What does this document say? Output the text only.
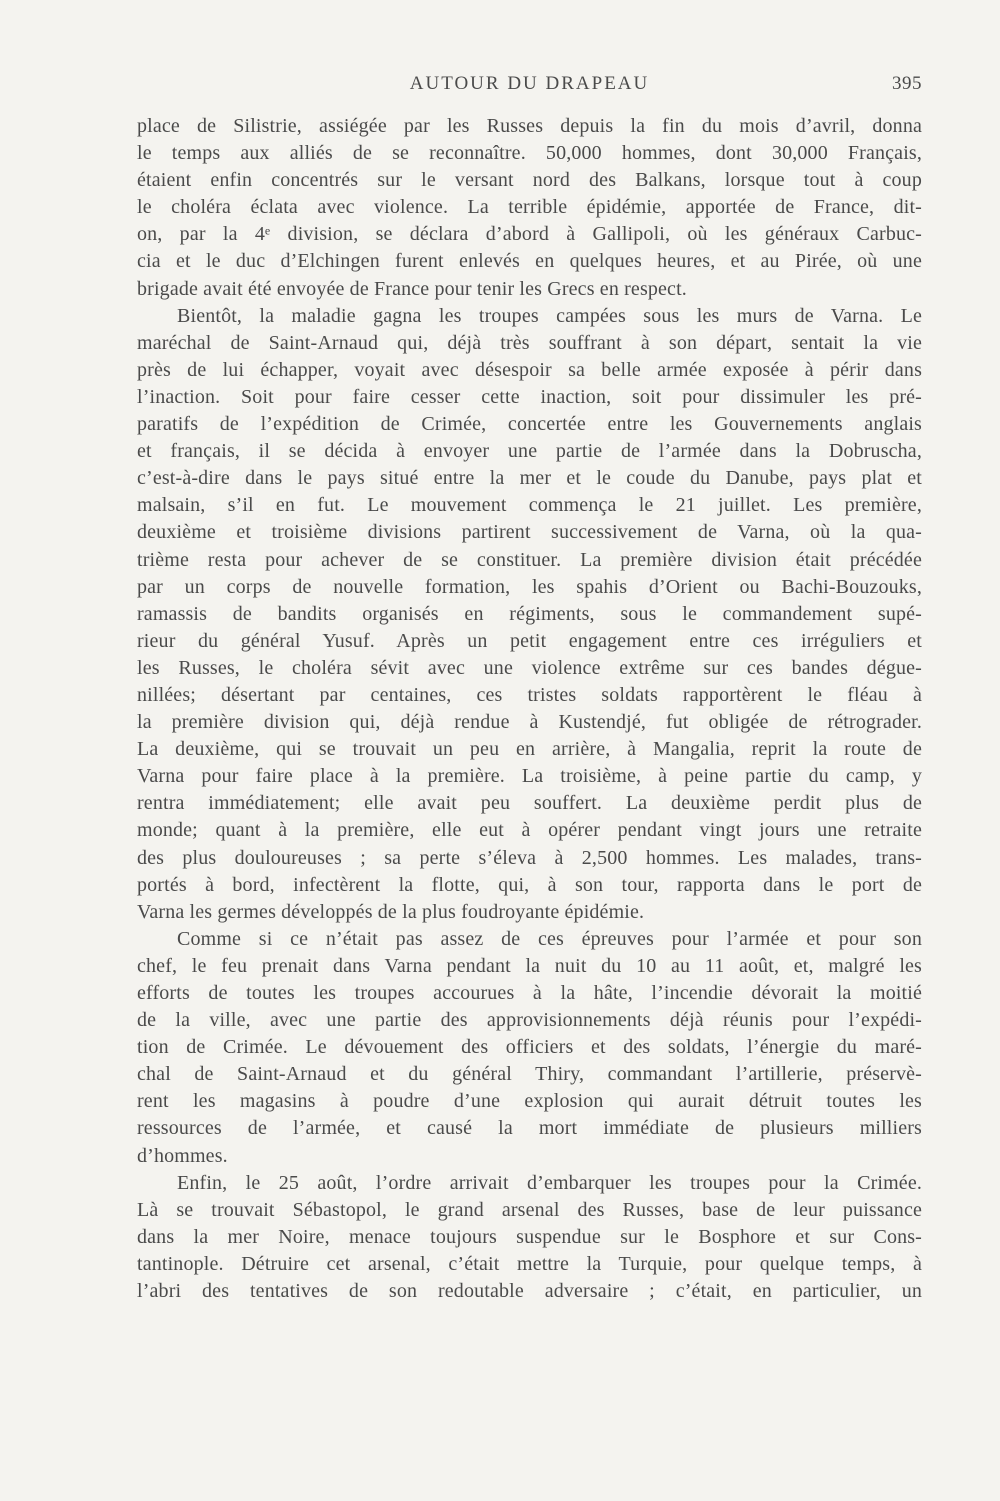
AUTOUR DU DRAPEAU	395
place de Silistrie, assiégée par les Russes depuis la fin du mois d’avril, donna
le temps aux alliés de se reconnaître. 50,000 hommes, dont 30,000 Français,
étaient enfin concentrés sur le versant nord des Balkans, lorsque tout à coup
le choléra éclata avec violence. La terrible épidémie, apportée de France, dit-
on, par la 4ᵉ division, se déclara d’abord à Gallipoli, où les généraux Carbuc-
cia et le duc d’Elchingen furent enlevés en quelques heures, et au Pirée, où une
brigade avait été envoyée de France pour tenir les Grecs en respect.
Bientôt, la maladie gagna les troupes campées sous les murs de Varna. Le
maréchal de Saint-Arnaud qui, déjà très souffrant à son départ, sentait la vie
près de lui échapper, voyait avec désespoir sa belle armée exposée à périr dans
l’inaction. Soit pour faire cesser cette inaction, soit pour dissimuler les pré-
paratifs de l’expédition de Crimée, concertée entre les Gouvernements anglais
et français, il se décida à envoyer une partie de l’armée dans la Dobruscha,
c’est-à-dire dans le pays situé entre la mer et le coude du Danube, pays plat et
malsain, s’il en fut. Le mouvement commença le 21 juillet. Les première,
deuxième et troisième divisions partirent successivement de Varna, où la qua-
trième resta pour achever de se constituer. La première division était précédée
par un corps de nouvelle formation, les spahis d’Orient ou Bachi-Bouzouks,
ramassis de bandits organisés en régiments, sous le commandement supé-
rieur du général Yusuf. Après un petit engagement entre ces irréguliers et
les Russes, le choléra sévit avec une violence extrême sur ces bandes dégue-
nillées; désertant par centaines, ces tristes soldats rapportèrent le fléau à
la première division qui, déjà rendue à Kustendjé, fut obligée de rétrograder.
La deuxième, qui se trouvait un peu en arrière, à Mangalia, reprit la route de
Varna pour faire place à la première. La troisième, à peine partie du camp, y
rentra immédiatement; elle avait peu souffert. La deuxième perdit plus de
monde; quant à la première, elle eut à opérer pendant vingt jours une retraite
des plus douloureuses ; sa perte s’éleva à 2,500 hommes. Les malades, trans-
portés à bord, infectèrent la flotte, qui, à son tour, rapporta dans le port de
Varna les germes développés de la plus foudroyante épidémie.
Comme si ce n’était pas assez de ces épreuves pour l’armée et pour son
chef, le feu prenait dans Varna pendant la nuit du 10 au 11 août, et, malgré les
efforts de toutes les troupes accourues à la hâte, l’incendie dévorait la moitié
de la ville, avec une partie des approvisionnements déjà réunis pour l’expédi-
tion de Crimée. Le dévouement des officiers et des soldats, l’énergie du maré-
chal de Saint-Arnaud et du général Thiry, commandant l’artillerie, préservè-
rent les magasins à poudre d’une explosion qui aurait détruit toutes les
ressources de l’armée, et causé la mort immédiate de plusieurs milliers
d’hommes.
Enfin, le 25 août, l’ordre arrivait d’embarquer les troupes pour la Crimée.
Là se trouvait Sébastopol, le grand arsenal des Russes, base de leur puissance
dans la mer Noire, menace toujours suspendue sur le Bosphore et sur Cons-
tantinople. Détruire cet arsenal, c’était mettre la Turquie, pour quelque temps, à
l’abri des tentatives de son redoutable adversaire ; c’était, en particulier, un
